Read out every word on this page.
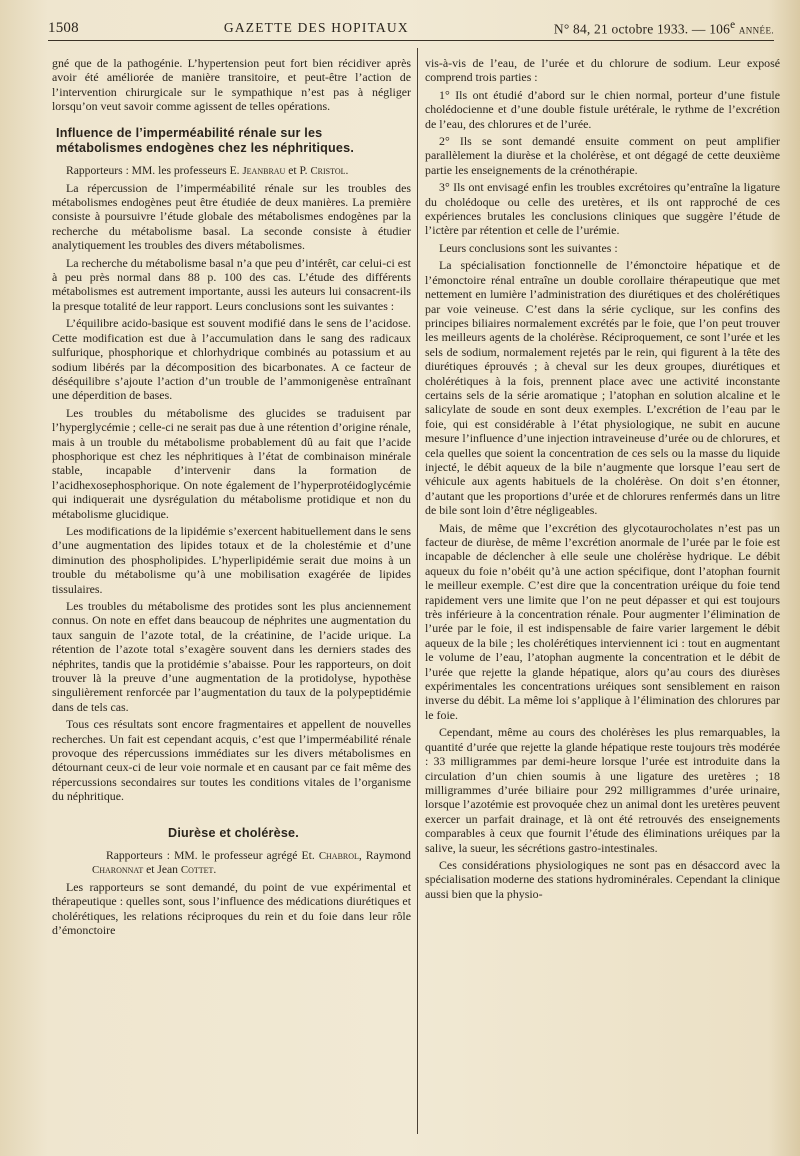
1508	GAZETTE DES HOPITAUX	N° 84, 21 octobre 1933. — 106e ANNÉE.

gné que de la pathogénie. L’hypertension peut fort bien récidiver après avoir été améliorée de manière transitoire, et peut-être l’action de l’intervention chirurgicale sur le sympathique n’est pas à négliger lorsqu’on veut savoir comme agissent de telles opérations.

Influence de l’imperméabilité rénale sur les métabolismes endogènes chez les néphritiques.

Rapporteurs : MM. les professeurs E. Jeanbrau et P. Cristol.

La répercussion de l’imperméabilité rénale sur les troubles des métabolismes endogènes peut être étudiée de deux manières. La première consiste à poursuivre l’étude globale des métabolismes endogènes par la recherche du métabolisme basal. La seconde consiste à étudier analytiquement les troubles des divers métabolismes.

La recherche du métabolisme basal n’a que peu d’intérêt, car celui-ci est à peu près normal dans 88 p. 100 des cas. L’étude des différents métabolismes est autrement importante, aussi les auteurs lui consacrent-ils la presque totalité de leur rapport. Leurs conclusions sont les suivantes :

L’équilibre acido-basique est souvent modifié dans le sens de l’acidose. Cette modification est due à l’accumulation dans le sang des radicaux sulfurique, phosphorique et chlorhydrique combinés au potassium et au sodium libérés par la décomposition des bicarbonates. A ce facteur de déséquilibre s’ajoute l’action d’un trouble de l’ammonigenèse entraînant une déperdition de bases.

Les troubles du métabolisme des glucides se traduisent par l’hyperglycémie ; celle-ci ne serait pas due à une rétention d’origine rénale, mais à un trouble du métabolisme probablement dû au fait que l’acide phosphorique est chez les néphritiques à l’état de combinaison minérale stable, incapable d’intervenir dans la formation de l’acidhexosephosphorique. On note également de l’hyperprotéidoglycémie qui indiquerait une dysrégulation du métabolisme protidique et non du métabolisme glucidique.

Les modifications de la lipidémie s’exercent habituellement dans le sens d’une augmentation des lipides totaux et de la cholestémie et d’une diminution des phospholipides. L’hyperlipidémie serait due moins à un trouble du métabolisme qu’à une mobilisation exagérée de lipides tissulaires.

Les troubles du métabolisme des protides sont les plus anciennement connus. On note en effet dans beaucoup de néphrites une augmentation du taux sanguin de l’azote total, de la créatinine, de l’acide urique. La rétention de l’azote total s’exagère souvent dans les derniers stades des néphrites, tandis que la protidémie s’abaisse. Pour les rapporteurs, on doit trouver là la preuve d’une augmentation de la protidolyse, hypothèse singulièrement renforcée par l’augmentation du taux de la polypeptidémie dans de tels cas.

Tous ces résultats sont encore fragmentaires et appellent de nouvelles recherches. Un fait est cependant acquis, c’est que l’imperméabilité rénale provoque des répercussions immédiates sur les divers métabolismes en détournant ceux-ci de leur voie normale et en causant par ce fait même des répercussions secondaires sur toutes les conditions vitales de l’organisme du néphritique.

Diurèse et cholérèse.

Rapporteurs : MM. le professeur agrégé Et. Chabrol, Raymond Charonnat et Jean Cottet.

Les rapporteurs se sont demandé, du point de vue expérimental et thérapeutique : quelles sont, sous l’influence des médications diurétiques et cholérétiques, les relations réciproques du rein et du foie dans leur rôle d’émonctoire

vis-à-vis de l’eau, de l’urée et du chlorure de sodium. Leur exposé comprend trois parties :

1° Ils ont étudié d’abord sur le chien normal, porteur d’une fistule cholédocienne et d’une double fistule urétérale, le rythme de l’excrétion de l’eau, des chlorures et de l’urée.

2° Ils se sont demandé ensuite comment on peut amplifier parallèlement la diurèse et la cholérèse, et ont dégagé de cette deuxième partie les enseignements de la crénothérapie.

3° Ils ont envisagé enfin les troubles excrétoires qu’entraîne la ligature du cholédoque ou celle des uretères, et ils ont rapproché de ces expériences brutales les conclusions cliniques que suggère l’étude de l’ictère par rétention et celle de l’urémie.

Leurs conclusions sont les suivantes :

La spécialisation fonctionnelle de l’émonctoire hépatique et de l’émonctoire rénal entraîne un double corollaire thérapeutique que met nettement en lumière l’administration des diurétiques et des cholérétiques par voie veineuse. C’est dans la série cyclique, sur les confins des principes biliaires normalement excrétés par le foie, que l’on peut trouver les meilleurs agents de la cholérèse. Réciproquement, ce sont l’urée et les sels de sodium, normalement rejetés par le rein, qui figurent à la tête des diurétiques éprouvés ; à cheval sur les deux groupes, diurétiques et cholérétiques à la fois, prennent place avec une activité inconstante certains sels de la série aromatique ; l’atophan en solution alcaline et le salicylate de soude en sont deux exemples. L’excrétion de l’eau par le foie, qui est considérable à l’état physiologique, ne subit en aucune mesure l’influence d’une injection intraveineuse d’urée ou de chlorures, et cela quelles que soient la concentration de ces sels ou la masse du liquide injecté, le débit aqueux de la bile n’augmente que lorsque l’eau sert de véhicule aux agents habituels de la cholérèse. On doit s’en étonner, d’autant que les proportions d’urée et de chlorures renfermés dans un litre de bile sont loin d’être négligeables.

Mais, de même que l’excrétion des glycotaurocholates n’est pas un facteur de diurèse, de même l’excrétion anormale de l’urée par le foie est incapable de déclencher à elle seule une cholérèse hydrique. Le débit aqueux du foie n’obéit qu’à une action spécifique, dont l’atophan fournit le meilleur exemple. C’est dire que la concentration uréique du foie tend rapidement vers une limite que l’on ne peut dépasser et qui est toujours très inférieure à la concentration rénale. Pour augmenter l’élimination de l’urée par le foie, il est indispensable de faire varier largement le débit aqueux de la bile ; les cholérétiques interviennent ici : tout en augmentant le volume de l’eau, l’atophan augmente la concentration et le débit de l’urée que rejette la glande hépatique, alors qu’au cours des diurèses expérimentales les concentrations uréiques sont sensiblement en raison inverse du débit. La même loi s’applique à l’élimination des chlorures par le foie.

Cependant, même au cours des cholérèses les plus remarquables, la quantité d’urée que rejette la glande hépatique reste toujours très modérée : 33 milligrammes par demi-heure lorsque l’urée est introduite dans la circulation d’un chien soumis à une ligature des uretères ; 18 milligrammes d’urée biliaire pour 292 milligrammes d’urée urinaire, lorsque l’azotémie est provoquée chez un animal dont les uretères peuvent exercer un parfait drainage, et là ont été retrouvés des enseignements comparables à ceux que fournit l’étude des éliminations uréiques par la salive, la sueur, les sécrétions gastro-intestinales.

Ces considérations physiologiques ne sont pas en désaccord avec la spécialisation moderne des stations hydrominérales. Cependant la clinique aussi bien que la physio-
